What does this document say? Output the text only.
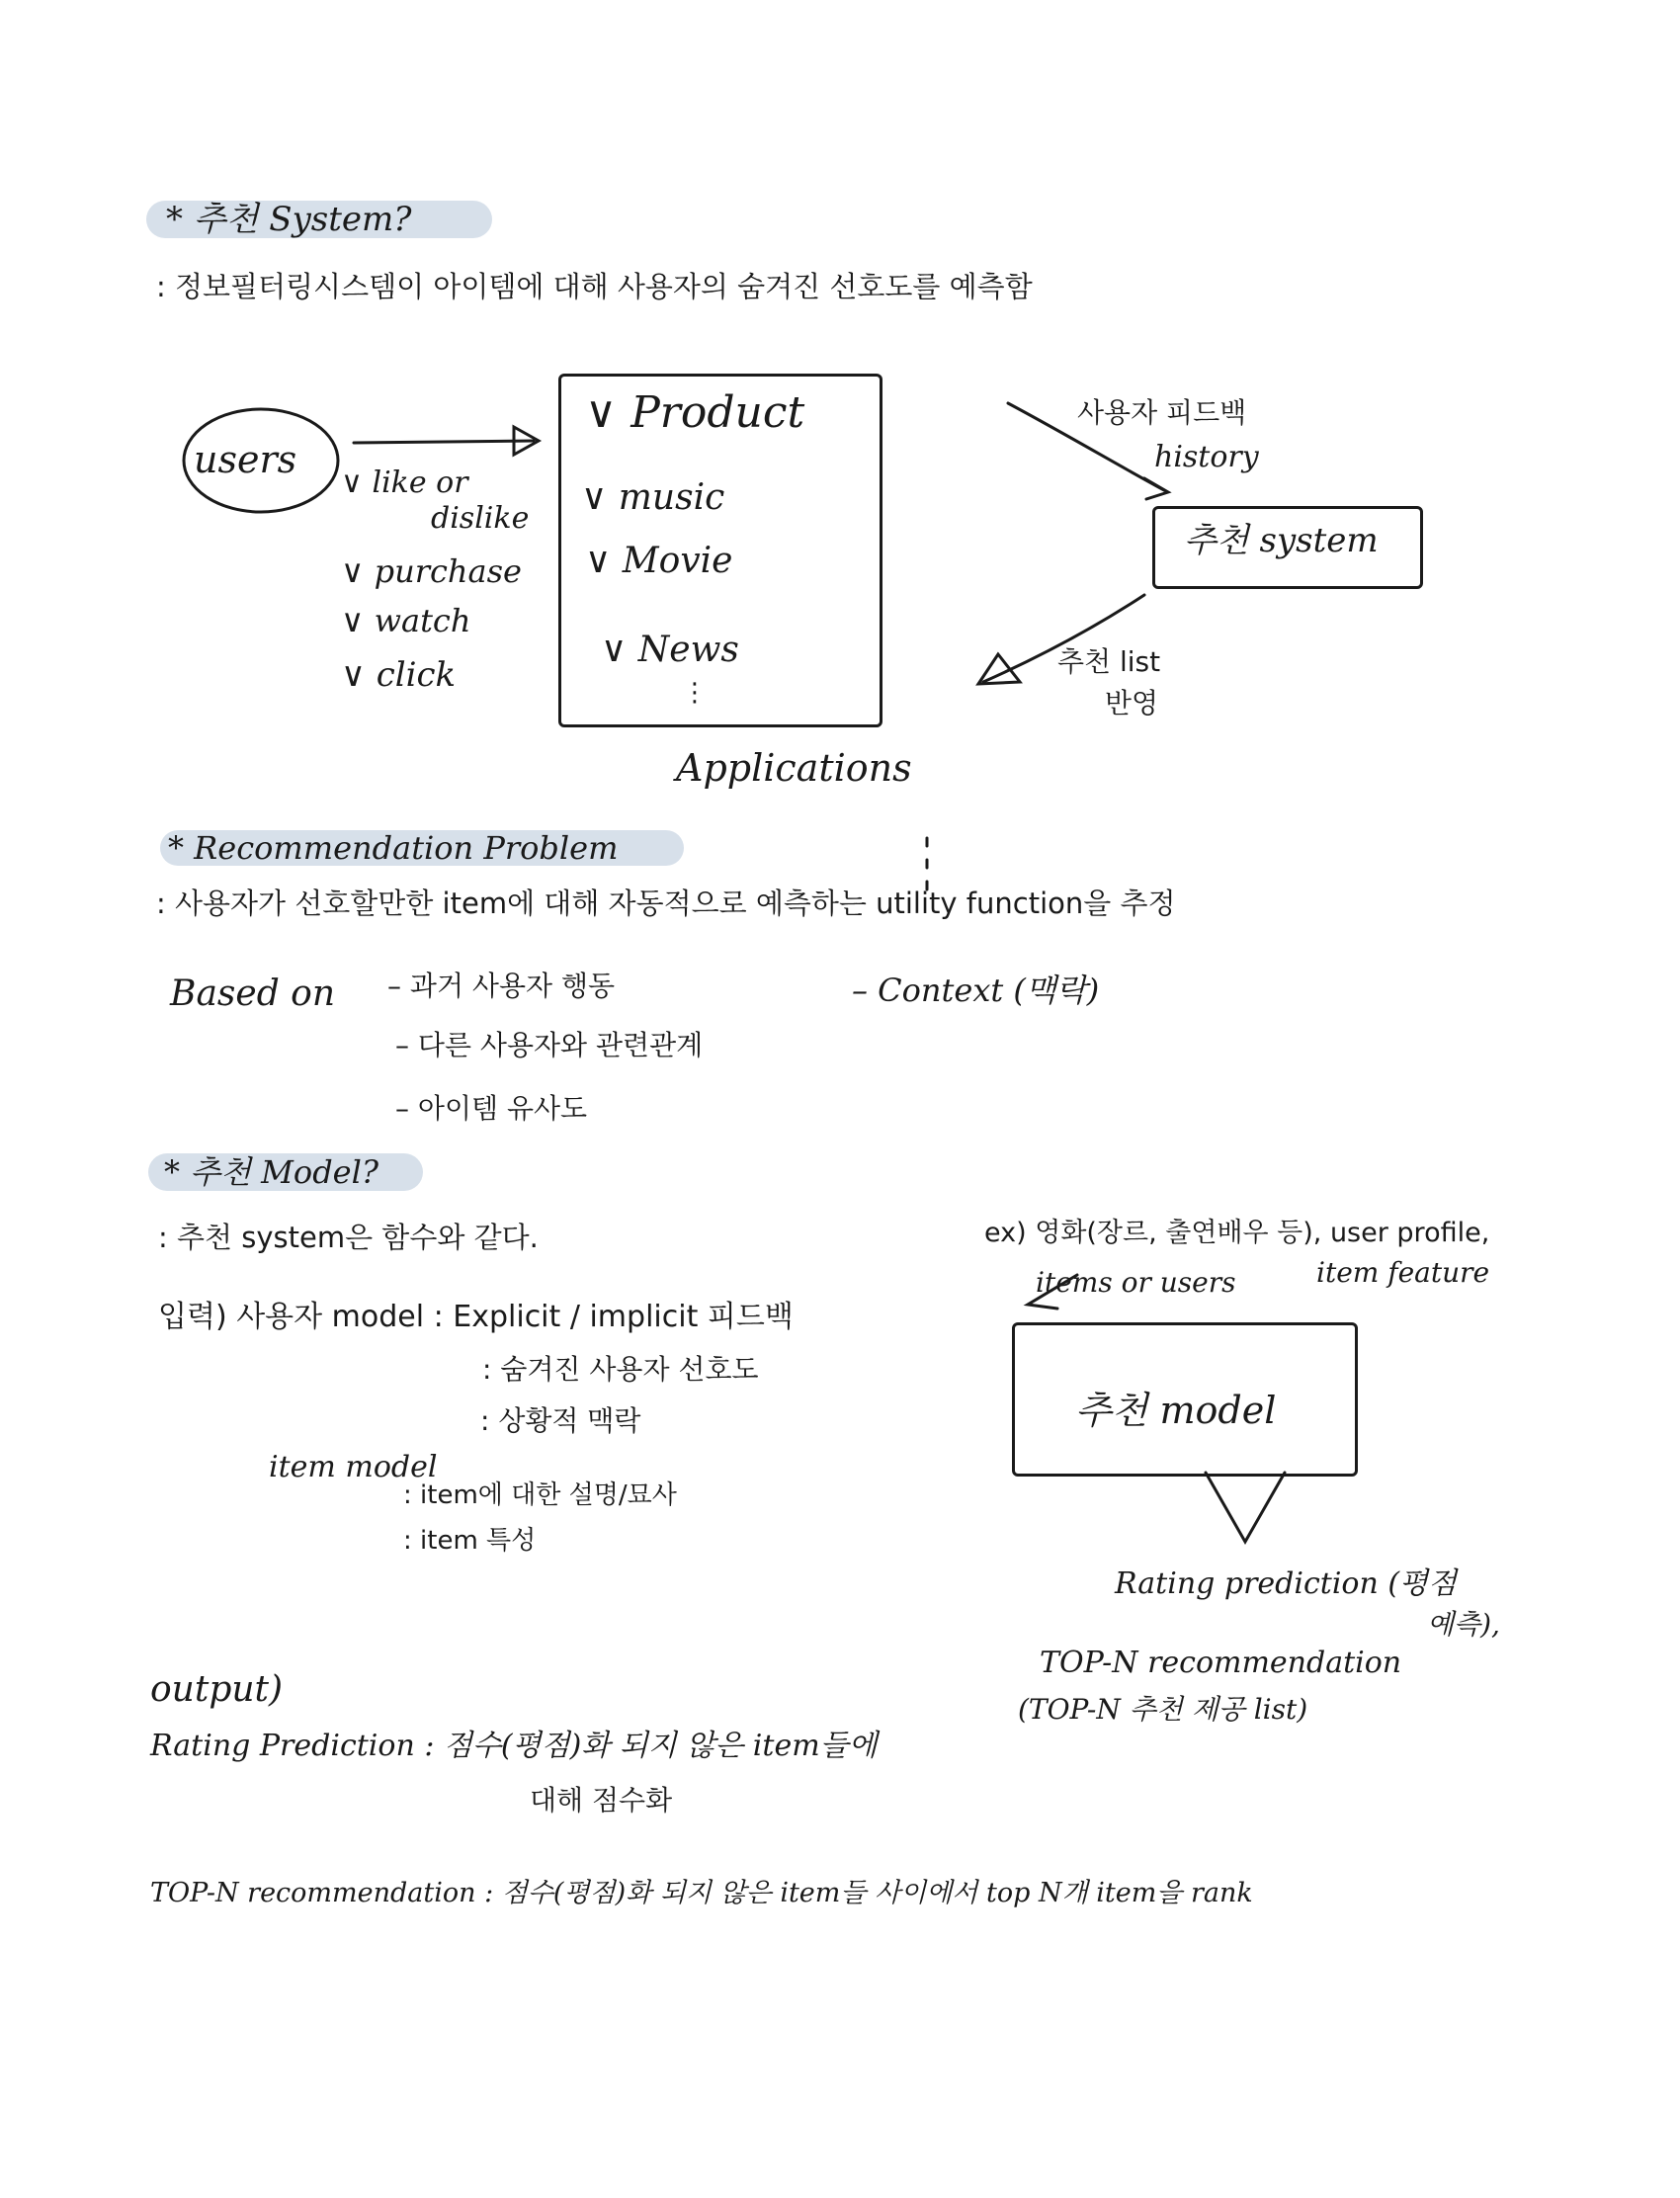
* 추천 System?
: 정보필터링시스템이 아이템에 대해 사용자의 숨겨진 선호도를 예측함
users
∨ like or
dislike
∨ purchase
∨ watch
∨ click
∨ Product
∨ music
∨ Movie
∨ News
⋮
Applications
사용자 피드백
history
추천 system
추천 list
반영
* Recommendation Problem
: 사용자가 선호할만한 item에 대해 자동적으로 예측하는 utility function을 추정
Based on – 과거 사용자 행동
– 다른 사용자와 관련관계
– 아이템 유사도
– Context (맥락)
* 추천 Model?
: 추천 system은 함수와 같다.
입력) 사용자 model : Explicit / implicit 피드백
: 숨겨진 사용자 선호도
: 상황적 맥락
item model
: item에 대한 설명/묘사
: item 특성
ex) 영화(장르, 출연배우 등), user profile,
items or users	item feature
추천 model
Rating prediction (평점
예측),
TOP-N recommendation
(TOP-N 추천 제공 list)
output)
Rating Prediction : 점수(평점)화 되지 않은 item들에
대해 점수화
TOP-N recommendation : 점수(평점)화 되지 않은 item들 사이에서 top N개 item을 rank
